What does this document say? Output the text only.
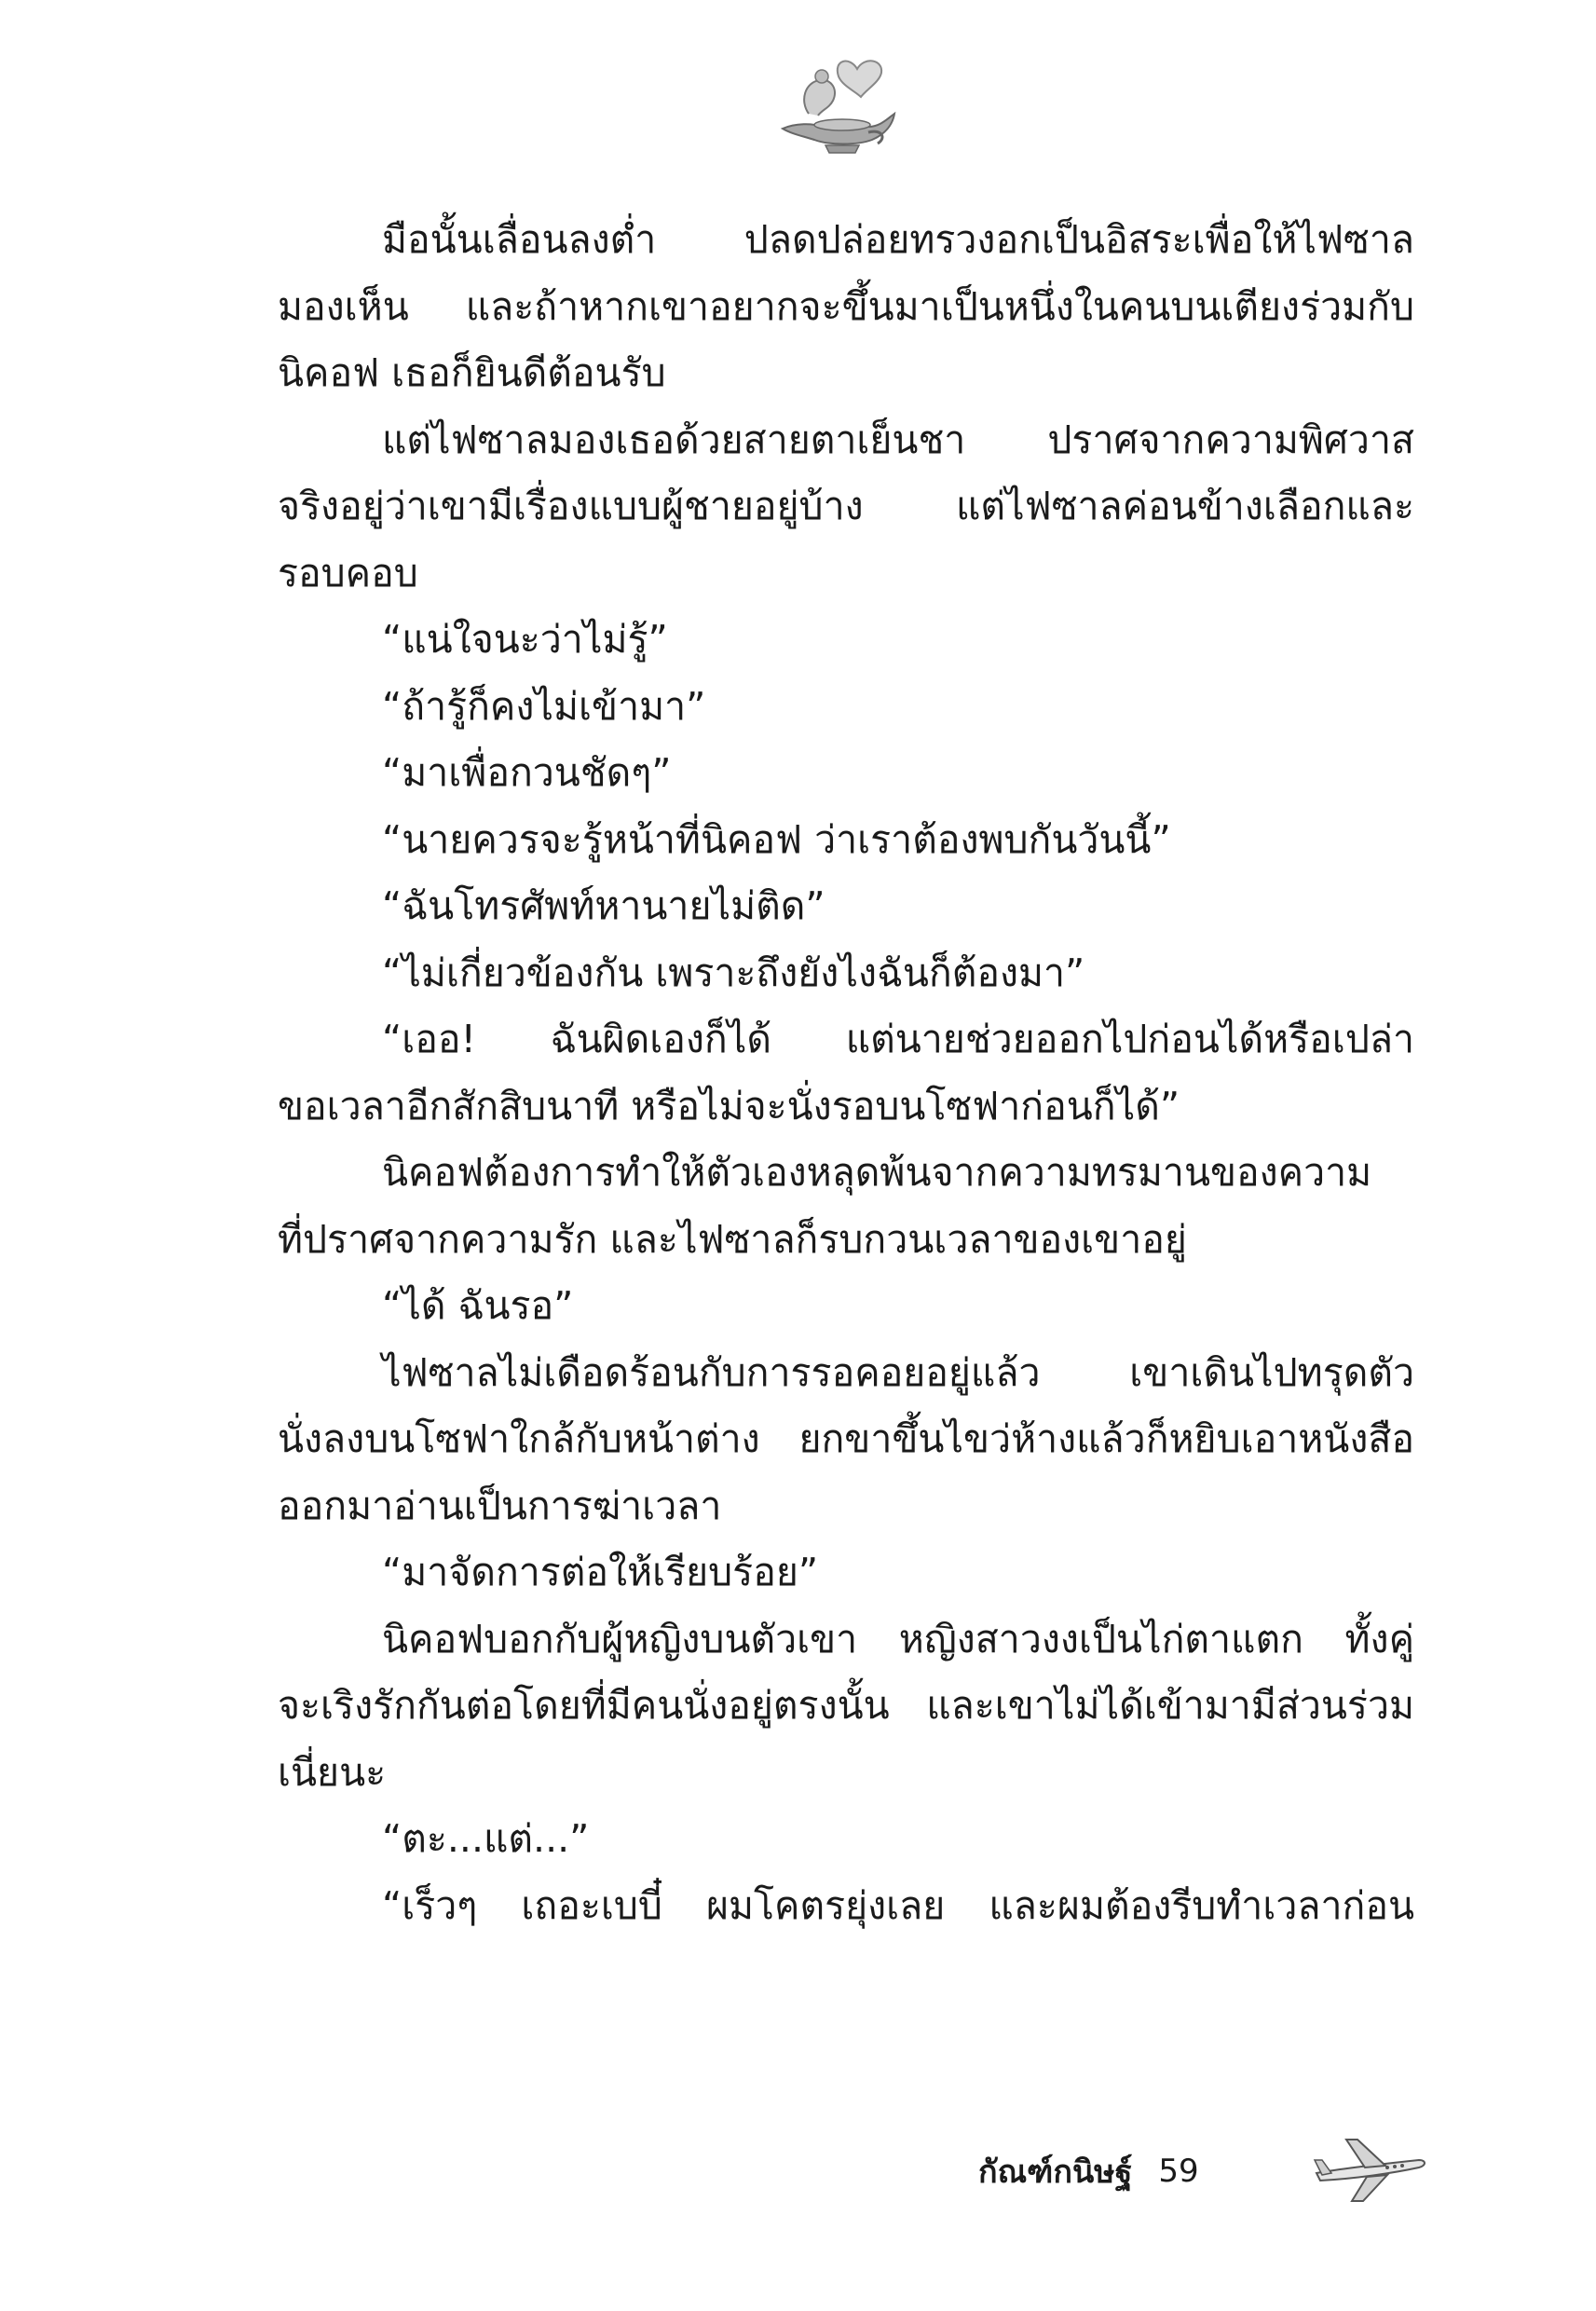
มือนั้นเลื่อนลงต่ำ ปลดปล่อยทรวงอกเป็นอิสระเพื่อให้ไฟซาล
มองเห็น และถ้าหากเขาอยากจะขึ้นมาเป็นหนึ่งในคนบนเตียงร่วมกับ
นิคอฟ เธอก็ยินดีต้อนรับ
แต่ไฟซาลมองเธอด้วยสายตาเย็นชา ปราศจากความพิศวาส
จริงอยู่ว่าเขามีเรื่องแบบผู้ชายอยู่บ้าง แต่ไฟซาลค่อนข้างเลือกและ
รอบคอบ
“แน่ใจนะว่าไม่รู้”
“ถ้ารู้ก็คงไม่เข้ามา”
“มาเพื่อกวนชัดๆ”
“นายควรจะรู้หน้าที่นิคอฟ ว่าเราต้องพบกันวันนี้”
“ฉันโทรศัพท์หานายไม่ติด”
“ไม่เกี่ยวข้องกัน เพราะถึงยังไงฉันก็ต้องมา”
“เออ! ฉันผิดเองก็ได้ แต่นายช่วยออกไปก่อนได้หรือเปล่า
ขอเวลาอีกสักสิบนาที หรือไม่จะนั่งรอบนโซฟาก่อนก็ได้”
นิคอฟต้องการทำให้ตัวเองหลุดพ้นจากความทรมานของความ
ที่ปราศจากความรัก และไฟซาลก็รบกวนเวลาของเขาอยู่
“ได้ ฉันรอ”
ไฟซาลไม่เดือดร้อนกับการรอคอยอยู่แล้ว เขาเดินไปทรุดตัว
นั่งลงบนโซฟาใกล้กับหน้าต่าง ยกขาขึ้นไขว่ห้างแล้วก็หยิบเอาหนังสือ
ออกมาอ่านเป็นการฆ่าเวลา
“มาจัดการต่อให้เรียบร้อย”
นิคอฟบอกกับผู้หญิงบนตัวเขา หญิงสาวงงเป็นไก่ตาแตก ทั้งคู่
จะเริงรักกันต่อโดยที่มีคนนั่งอยู่ตรงนั้น และเขาไม่ได้เข้ามามีส่วนร่วม
เนี่ยนะ
“ตะ...แต่...”
“เร็วๆ เถอะเบบี๋ ผมโคตรยุ่งเลย และผมต้องรีบทำเวลาก่อน
กัณฑ์กนิษฐ์ 59
